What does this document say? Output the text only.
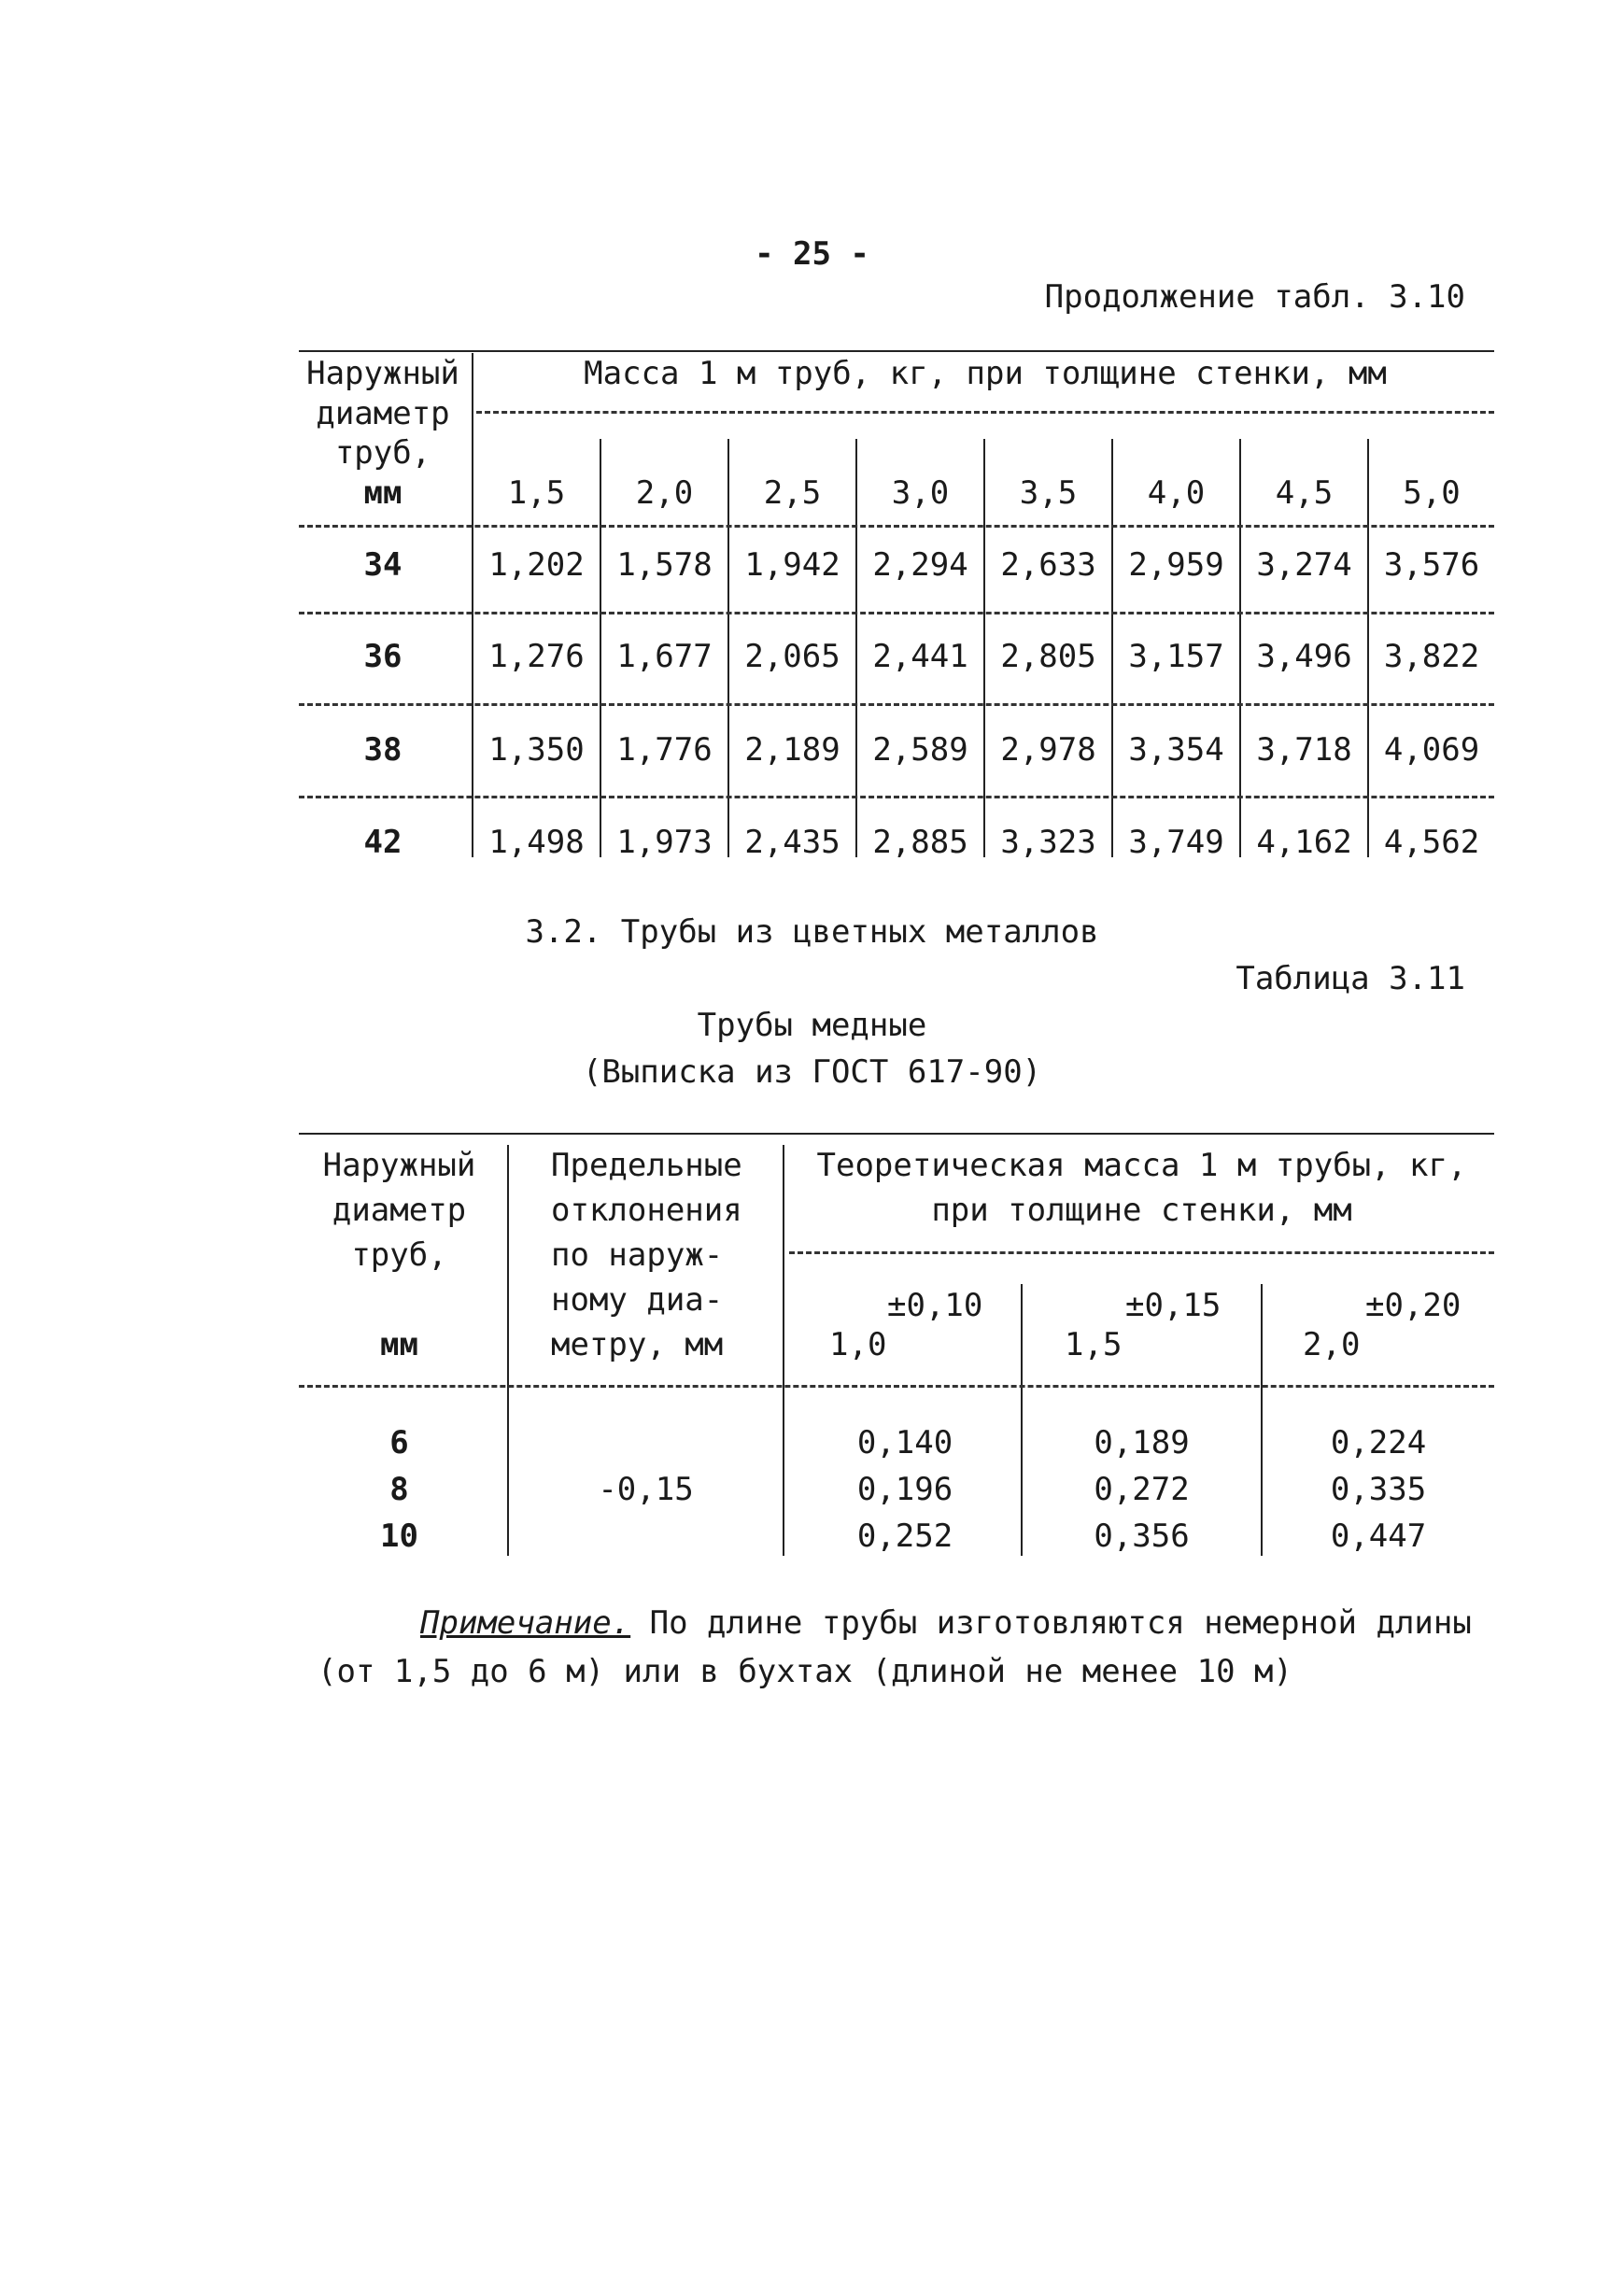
- 25 -
Продолжение табл. 3.10
Наружный
диаметр
труб,
мм
Масса 1 м труб, кг, при толщине стенки, мм
1,5	2,0	2,5	3,0	3,5	4,0	4,5	5,0
34	1,202	1,578	1,942	2,294	2,633	2,959	3,274	3,576
36	1,276	1,677	2,065	2,441	2,805	3,157	3,496	3,822
38	1,350	1,776	2,189	2,589	2,978	3,354	3,718	4,069
42	1,498	1,973	2,435	2,885	3,323	3,749	4,162	4,562
3.2. Трубы из цветных металлов
Таблица 3.11
Трубы медные
(Выписка из ГОСТ 617-90)
Наружный
диаметр
труб,
мм
Предельные
отклонения
по наруж-
ному диа-
метру, мм
Теоретическая масса 1 м трубы, кг,
при толщине стенки, мм
±0,10	±0,15	±0,20
1,0	1,5	2,0
-0,15
6	0,140	0,189	0,224
8	0,196	0,272	0,335
10	0,252	0,356	0,447
Примечание. По длине трубы изготовляются немерной длины
(от 1,5 до 6 м) или в бухтах (длиной не менее 10 м)
